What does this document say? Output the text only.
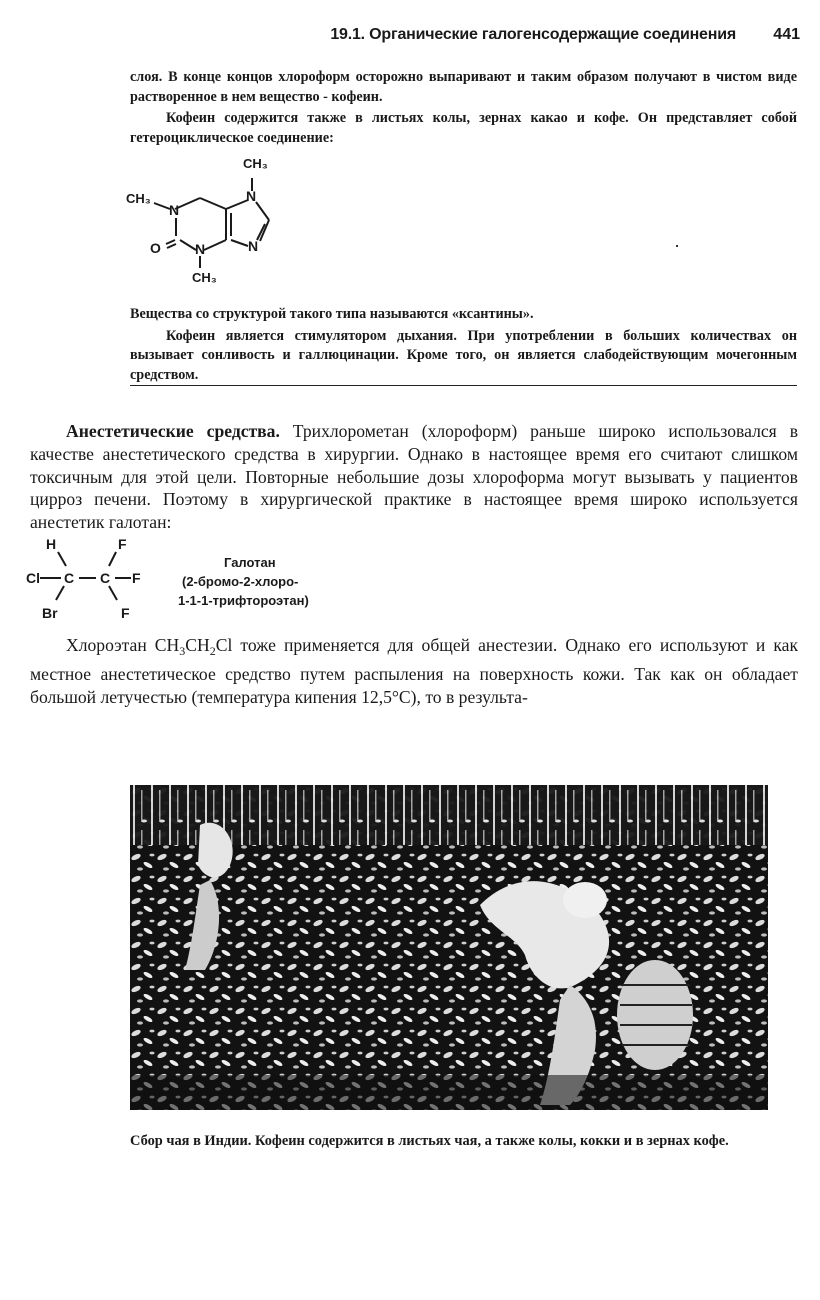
19.1. Органические галогенсодержащие соединения 441

слоя. В конце концов хлороформ осторожно выпаривают и таким образом получают в чистом виде растворенное в нем вещество - кофеин.

Кофеин содержится также в листьях колы, зернах какао и кофе. Он представляет собой гетероциклическое соединение:

CH₃
N
CH₃
N
O N	N
CH₃

Вещества со структурой такого типа называются «ксантины».

Кофеин является стимулятором дыхания. При употреблении в больших количествах он вызывает сонливость и галлюцинации. Кроме того, он является слабодействующим мочегонным средством.

Анестетические средства. Трихлорометан (хлороформ) раньше широко использовался в качестве анестетического средства в хирургии. Однако в настоящее время его считают слишком токсичным для этой цели. Повторные небольшие дозы хлороформа могут вызывать у пациентов цирроз печени. Поэтому в хирургической практике в настоящее время широко используется анестетик галотан:

H	F
Cl C C F
Br	F
Галотан
(2-бромо-2-хлоро-
1-1-1-трифтороэтан)

Хлороэтан $CH_3CH_2Cl$ тоже применяется для общей анестезии. Однако его используют и как местное анестетическое средство путем распыления на поверхность кожи. Так как он обладает большой летучестью (температура кипения 12,5°С), то в результа-

Сбор чая в Индии. Кофеин содержится в листьях чая, а также колы, кокки и в зернах кофе.
